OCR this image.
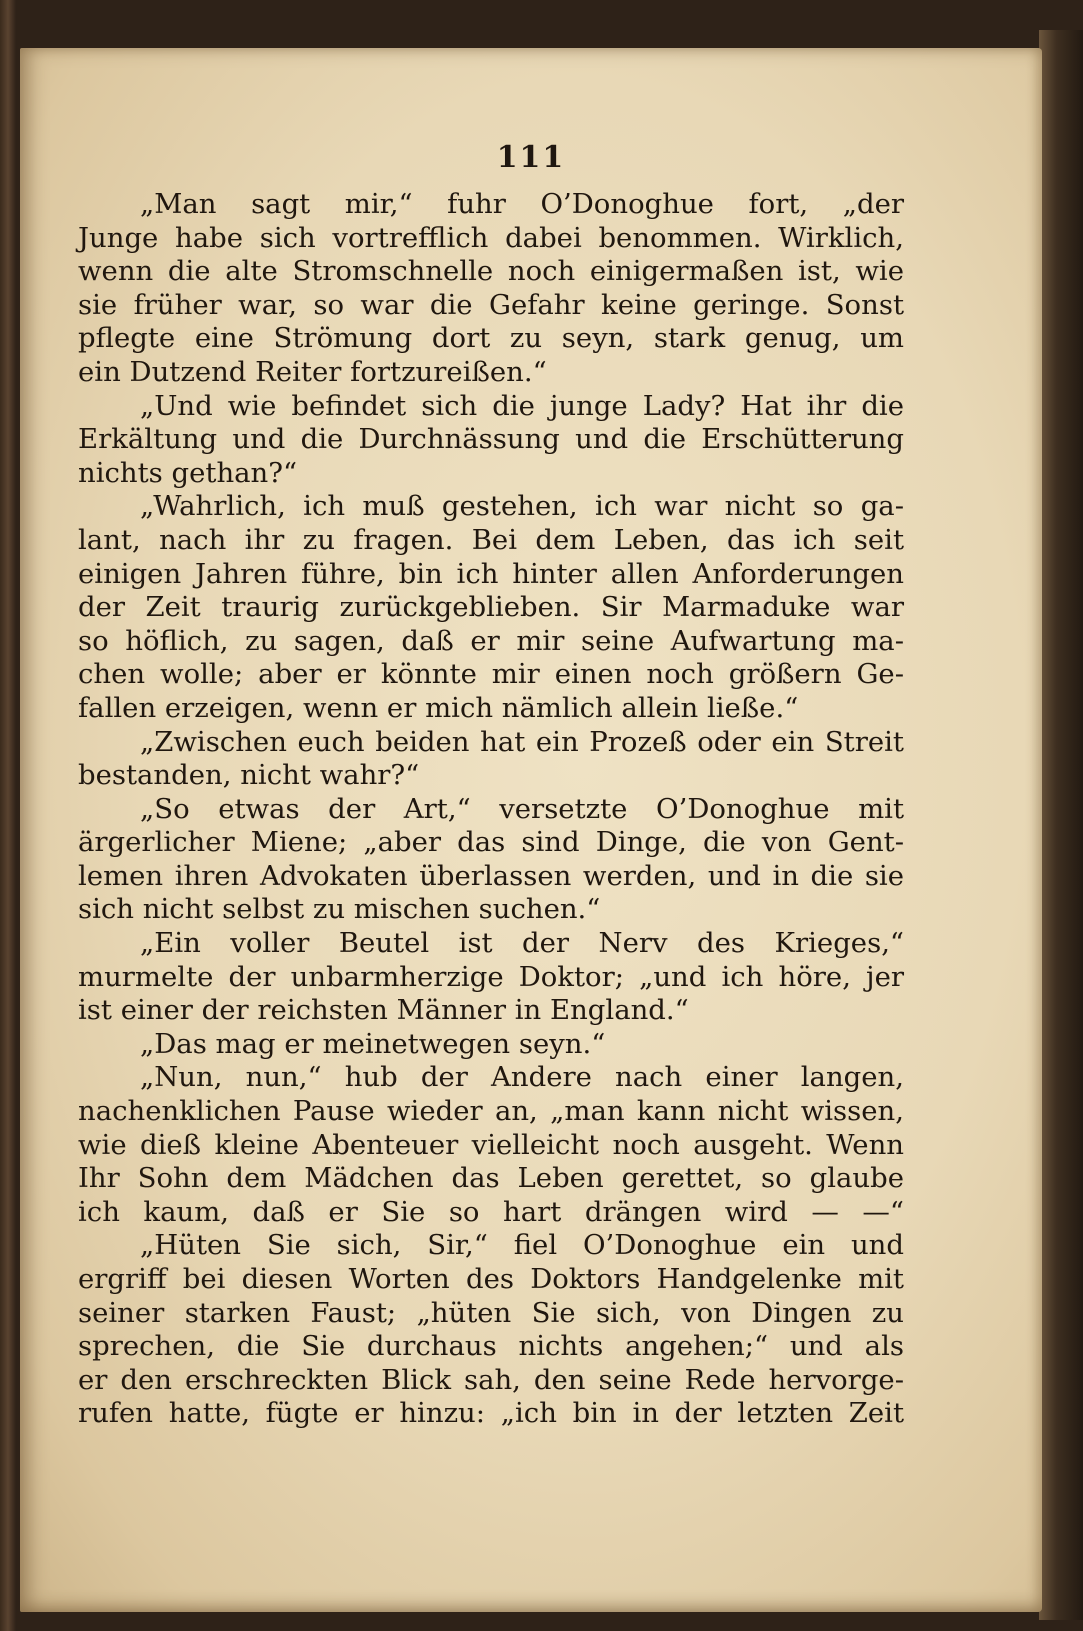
111
„Man sagt mir,“ fuhr O’Donoghue fort, „der
Junge habe sich vortrefflich dabei benommen. Wirklich,
wenn die alte Stromschnelle noch einigermaßen ist, wie
sie früher war, so war die Gefahr keine geringe. Sonst
pflegte eine Strömung dort zu seyn, stark genug, um
ein Dutzend Reiter fortzureißen.“
„Und wie befindet sich die junge Lady? Hat ihr die
Erkältung und die Durchnässung und die Erschütterung
nichts gethan?“
„Wahrlich, ich muß gestehen, ich war nicht so ga-
lant, nach ihr zu fragen. Bei dem Leben, das ich seit
einigen Jahren führe, bin ich hinter allen Anforderungen
der Zeit traurig zurückgeblieben. Sir Marmaduke war
so höflich, zu sagen, daß er mir seine Aufwartung ma-
chen wolle; aber er könnte mir einen noch größern Ge-
fallen erzeigen, wenn er mich nämlich allein ließe.“
„Zwischen euch beiden hat ein Prozeß oder ein Streit
bestanden, nicht wahr?“
„So etwas der Art,“ versetzte O’Donoghue mit
ärgerlicher Miene; „aber das sind Dinge, die von Gent-
lemen ihren Advokaten überlassen werden, und in die sie
sich nicht selbst zu mischen suchen.“
„Ein voller Beutel ist der Nerv des Krieges,“
murmelte der unbarmherzige Doktor; „und ich höre, jer
ist einer der reichsten Männer in England.“
„Das mag er meinetwegen seyn.“
„Nun, nun,“ hub der Andere nach einer langen,
nachenklichen Pause wieder an, „man kann nicht wissen,
wie dieß kleine Abenteuer vielleicht noch ausgeht. Wenn
Ihr Sohn dem Mädchen das Leben gerettet, so glaube
ich kaum, daß er Sie so hart drängen wird — —“
„Hüten Sie sich, Sir,“ fiel O’Donoghue ein und
ergriff bei diesen Worten des Doktors Handgelenke mit
seiner starken Faust; „hüten Sie sich, von Dingen zu
sprechen, die Sie durchaus nichts angehen;“ und als
er den erschreckten Blick sah, den seine Rede hervorge-
rufen hatte, fügte er hinzu: „ich bin in der letzten Zeit
